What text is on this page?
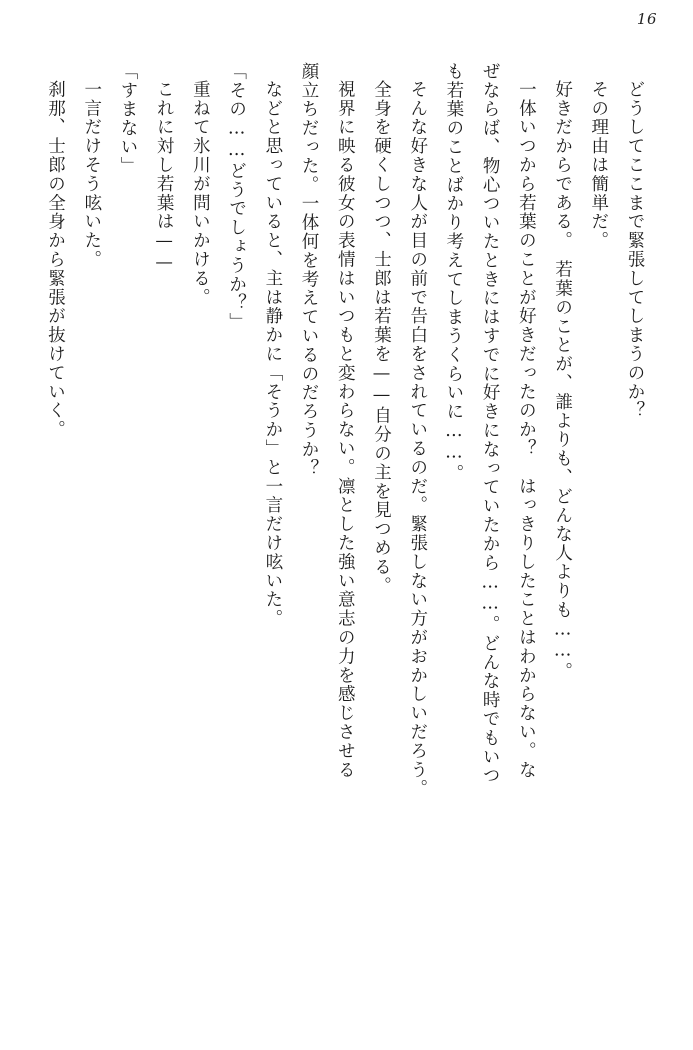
16

どうしてここまで緊張してしまうのか？

その理由は簡単だ。

好きだからである。　若葉のことが、誰よりも、どんな人よりも……。

一体いつから若葉のことが好きだったのか？　はっきりしたことはわからない。な

ぜならば、物心ついたときにはすでに好きになっていたから……。どんな時でもいつ

も若葉のことばかり考えてしまうくらいに……。

そんな好きな人が目の前で告白をされているのだ。緊張しない方がおかしいだろう。

全身を硬くしつつ、士郎は若葉を——自分の主を見つめる。

視界に映る彼女の表情はいつもと変わらない。凛とした強い意志の力を感じさせる

顔立ちだった。一体何を考えているのだろうか？

などと思っていると、主は静かに「そうか」と一言だけ呟いた。

「その……どうでしょうか？」

重ねて氷川が問いかける。

これに対し若葉は——

「すまない」

一言だけそう呟いた。

刹那、士郎の全身から緊張が抜けていく。
